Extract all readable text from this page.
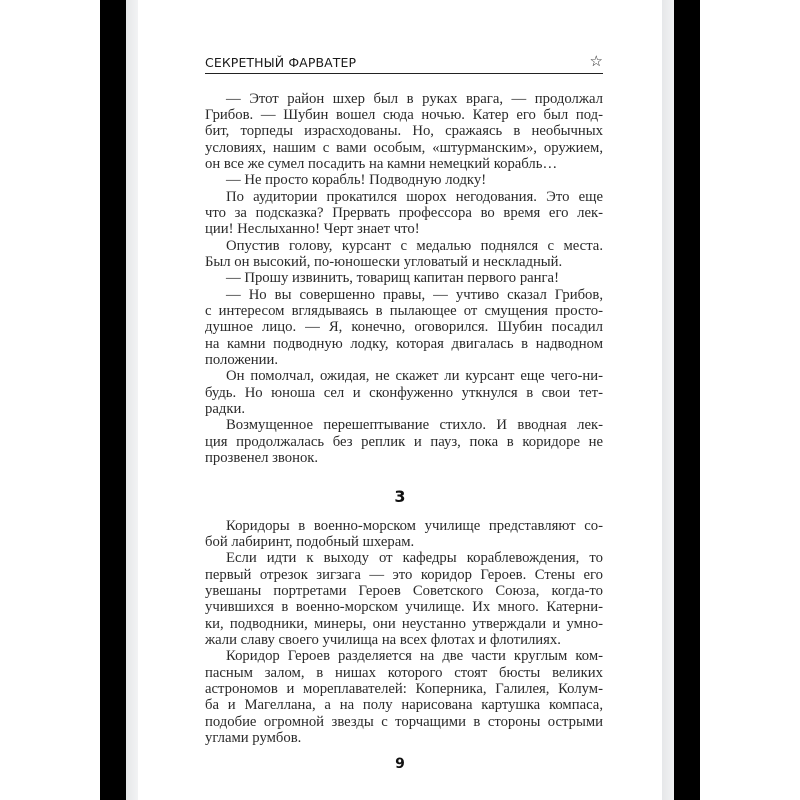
СЕКРЕТНЫЙ ФАРВАТЕР	☆
— Этот район шхер был в руках врага, — продолжал
Грибов. — Шубин вошел сюда ночью. Катер его был под-
бит, торпеды израсходованы. Но, сражаясь в необычных
условиях, нашим с вами особым, «штурманским», оружием,
он все же сумел посадить на камни немецкий корабль…
— Не просто корабль! Подводную лодку!
По аудитории прокатился шорох негодования. Это еще
что за подсказка? Прервать профессора во время его лек-
ции! Неслыханно! Черт знает что!
Опустив голову, курсант с медалью поднялся с места.
Был он высокий, по-юношески угловатый и нескладный.
— Прошу извинить, товарищ капитан первого ранга!
— Но вы совершенно правы, — учтиво сказал Грибов,
с интересом вглядываясь в пылающее от смущения просто-
душное лицо. — Я, конечно, оговорился. Шубин посадил
на камни подводную лодку, которая двигалась в надводном
положении.
Он помолчал, ожидая, не скажет ли курсант еще чего-ни-
будь. Но юноша сел и сконфуженно уткнулся в свои тет-
радки.
Возмущенное перешептывание стихло. И вводная лек-
ция продолжалась без реплик и пауз, пока в коридоре не
прозвенел звонок.
3
Коридоры в военно-морском училище представляют со-
бой лабиринт, подобный шхерам.
Если идти к выходу от кафедры кораблевождения, то
первый отрезок зигзага — это коридор Героев. Стены его
увешаны портретами Героев Советского Союза, когда-то
учившихся в военно-морском училище. Их много. Катерни-
ки, подводники, минеры, они неустанно утверждали и умно-
жали славу своего училища на всех флотах и флотилиях.
Коридор Героев разделяется на две части круглым ком-
пасным залом, в нишах которого стоят бюсты великих
астрономов и мореплавателей: Коперника, Галилея, Колум-
ба и Магеллана, а на полу нарисована картушка компаса,
подобие огромной звезды с торчащими в стороны острыми
углами румбов.
9
